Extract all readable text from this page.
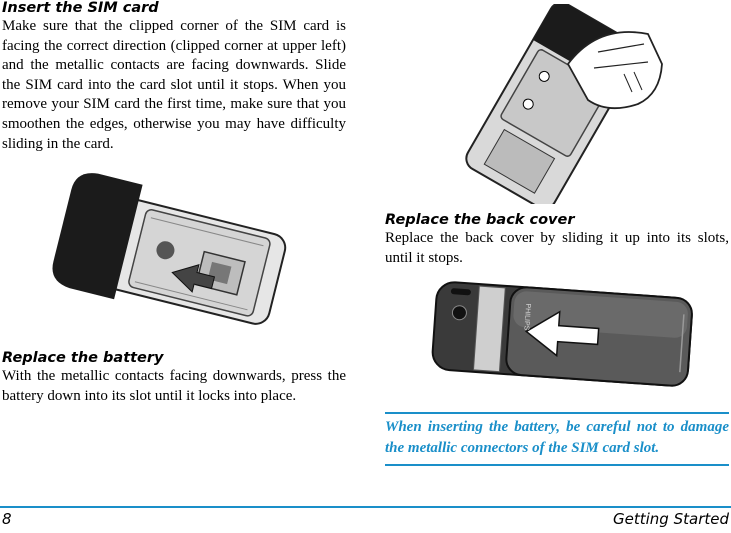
Insert the SIM card

Make sure that the clipped corner of the SIM card is facing the correct direction (clipped corner at upper left) and the metallic contacts are facing downwards. Slide the SIM card into the card slot until it stops. When you remove your SIM card the first time, make sure that you smoothen the edges, otherwise you may have difficulty sliding in the card.

Replace the battery

With the metallic contacts facing downwards, press the battery down into its slot until it locks into place.

Replace the back cover

Replace the back cover by sliding it up into its slots, until it stops.

PHILIPS
When inserting the battery, be careful not to damage the metallic connectors of the SIM card slot.
8	Getting Started
